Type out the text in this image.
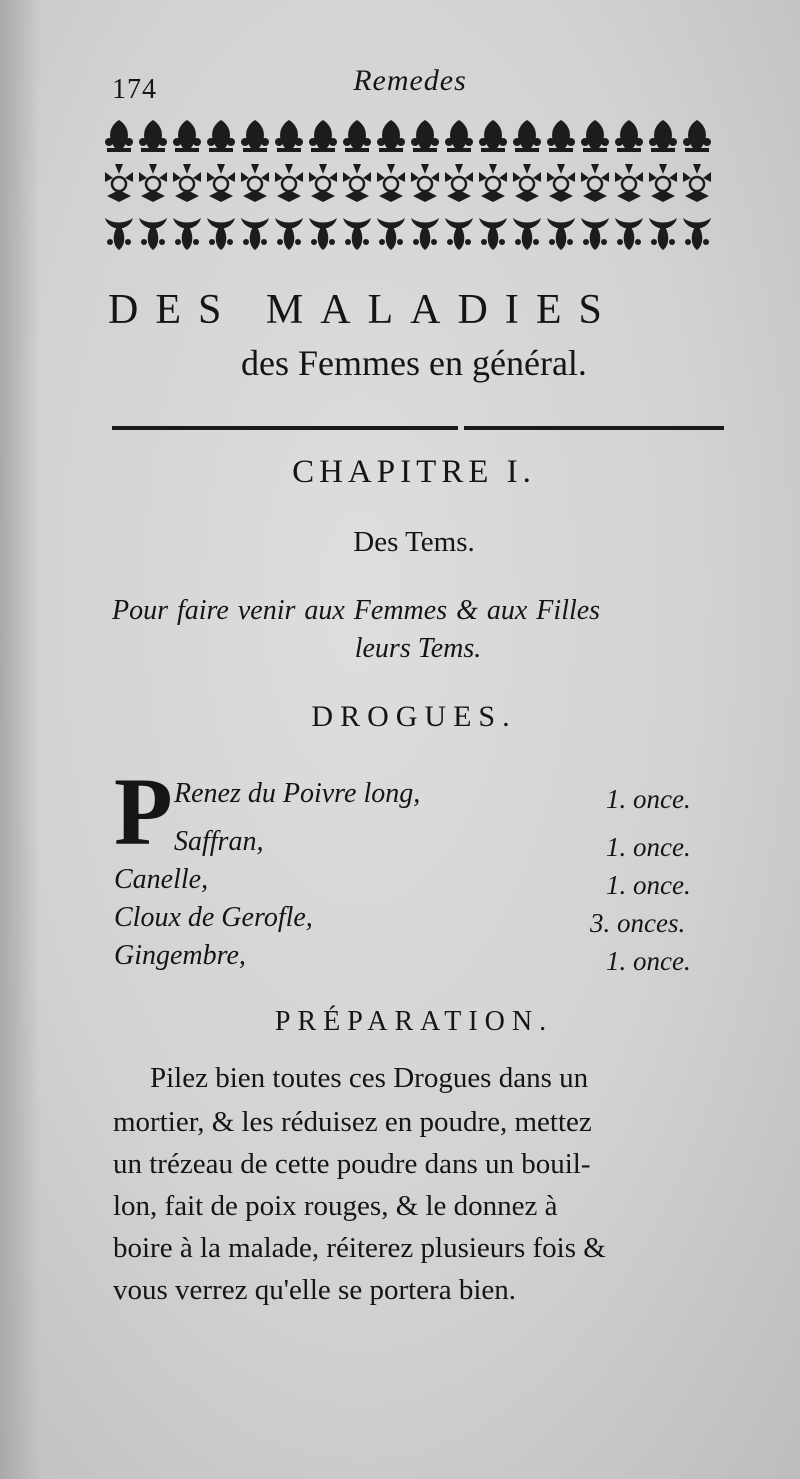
174	Remedes
DES MALADIES
des Femmes en général.
CHAPITRE I.
Des Tems.
Pour faire venir aux Femmes & aux Filles
leurs Tems.
DROGUES.
P Renez du Poivre long,	1. once.
Saffran,	1. once.
Canelle,	1. once.
Cloux de Gerofle,	3. onces.
Gingembre,	1. once.
PRÉPARATION.
Pilez bien toutes ces Drogues dans un
mortier, & les réduisez en poudre, mettez
un trézeau de cette poudre dans un bouil-
lon, fait de poix rouges, & le donnez à
boire à la malade, réiterez plusieurs fois &
vous verrez qu'elle se portera bien.
